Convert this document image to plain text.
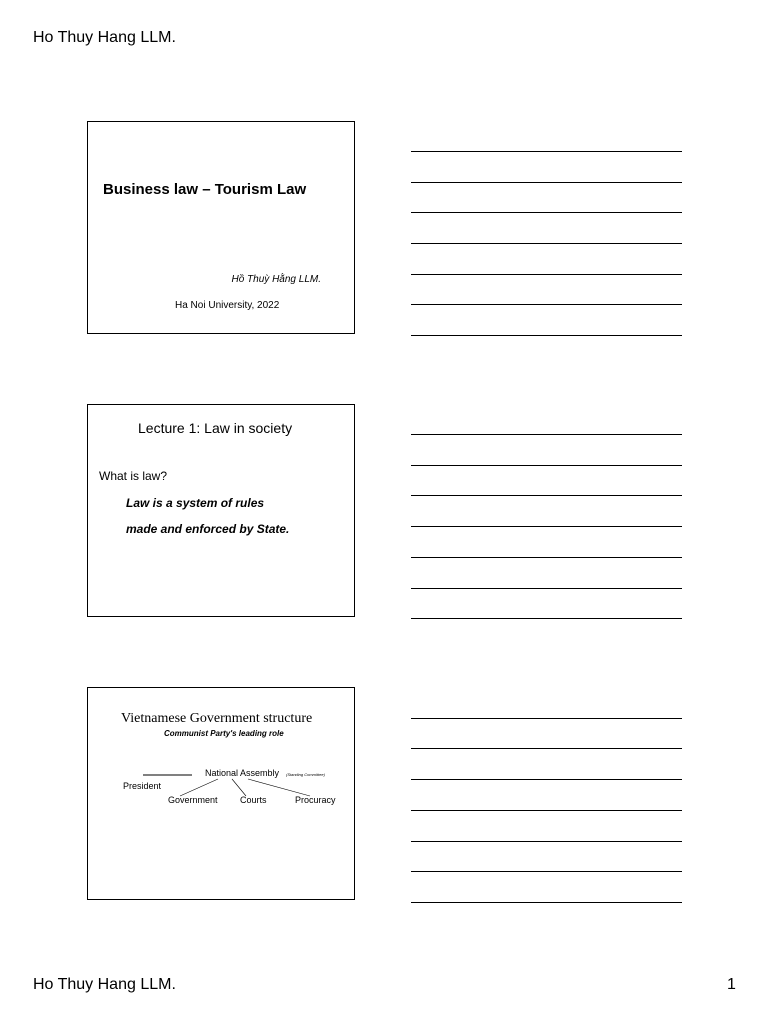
Ho Thuy Hang LLM.
Business law – Tourism Law
Hồ Thuỳ Hằng LLM.
Ha Noi University, 2022
Lecture 1: Law in society
What is law?
Law is a system of rules
made and enforced by State.
Vietnamese Government structure
Communist Party's leading role
National Assembly (Standing Committee)
President
Government Courts	Procuracy
Ho Thuy Hang LLM.	1
